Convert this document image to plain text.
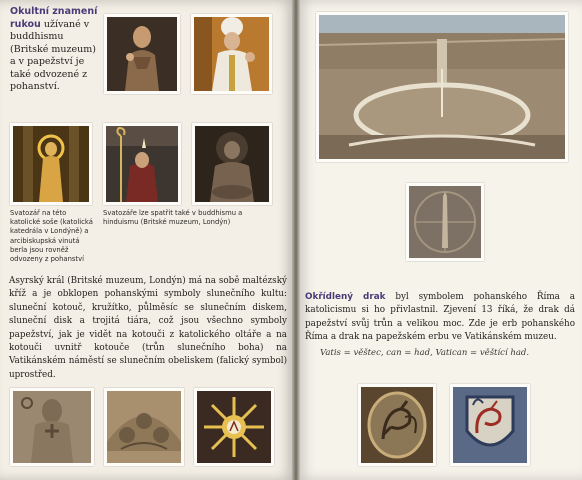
Okultní znamení rukou užívané v buddhismu (Britské muzeum) a v papežství je také odvozené z pohanství.

Svatozář na této katolické soše (katolická katedrála v Londýně) a arcibiskupská vinutá berla jsou rovněž odvozeny z pohanství

Svatozáře lze spatřit také v buddhismu a hinduismu (Britské muzeum, Londýn)

Asyrský král (Britské muzeum, Londýn) má na sobě maltézský kříž a je obklopen pohanskými symboly slunečního kultu: sluneční kotouč, kružítko, půlměsíc se slunečním diskem, sluneční disk a trojitá tiára, což jsou všechno symboly papežství, jak je vidět na kotouči z katolického oltáře a na kotouči uvnitř kotouče (trůn slunečního boha) na Vatikánském náměstí se slunečním obeliskem (falický symbol) uprostřed.

Okřídlený drak byl symbolem pohanského Říma a katolicismu si ho přivlastnil. Zjevení 13 říká, že drak dá papežství svůj trůn a velikou moc. Zde je erb pohanského Říma a drak na papežském erbu ve Vatikánském muzeu.

Vatis = věštec, can = had, Vatican = věštící had.
